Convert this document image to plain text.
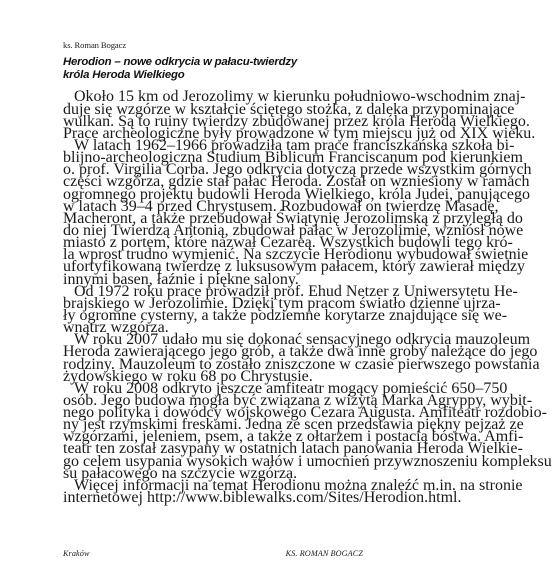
ks. Roman Bogacz
Herodion – nowe odkrycia w pałacu-twierdzy
króla Heroda Wielkiego
Około 15 km od Jerozolimy w kierunku południowo-wschodnim znaj-
duje się wzgórze w kształcie ściętego stożka, z daleka przypominające
wulkan. Są to ruiny twierdzy zbudowanej przez króla Heroda Wielkiego.
Prace archeologiczne były prowadzone w tym miejscu już od XIX wieku.
W latach 1962–1966 prowadziła tam prace franciszkańska szkoła bi-
blijno-archeologiczna Studium Biblicum Franciscanum pod kierunkiem
o. prof. Virgilia Corba. Jego odkrycia dotyczą przede wszystkim górnych
części wzgórza, gdzie stał pałac Heroda. Został on wzniesiony w ramach
ogromnego projektu budowli Heroda Wielkiego, króla Judei, panującego
w latach 39–4 przed Chrystusem. Rozbudował on twierdzę Masadę,
Macheront, a także przebudował Świątynię Jerozolimską z przyległą do
do niej Twierdzą Antonią, zbudował pałac w Jerozolimie, wzniósł nowe
miasto z portem, które nazwał Cezareą. Wszystkich budowli tego kró-
la wprost trudno wymienić. Na szczycie Herodionu wybudował świetnie
ufortyfikowaną twierdzę z luksusowym pałacem, który zawierał między
innymi basen, łaźnie i piękne salony.
Od 1972 roku prace prowadził prof. Ehud Netzer z Uniwersytetu He-
brajskiego w Jerozolimie. Dzięki tym pracom światło dzienne ujrza-
ły ogromne cysterny, a także podziemne korytarze znajdujące się we-
wnątrz wzgórza.
W roku 2007 udało mu się dokonać sensacyjnego odkrycia mauzoleum
Heroda zawierającego jego grób, a także dwa inne groby należące do jego
rodziny. Mauzoleum to zostało zniszczone w czasie pierwszego powstania
żydowskiego w roku 68 po Chrystusie.
W roku 2008 odkryto jeszcze amfiteatr mogący pomieścić 650–750
osób. Jego budowa mogła być związana z wizytą Marka Agryppy, wybit-
nego polityka i dowódcy wojskowego Cezara Augusta. Amfiteatr rozdobio-
ny jest rzymskimi freskami. Jedna ze scen przedstawia piękny pejzaż ze
wzgórzami, jeleniem, psem, a także z ołtarzem i postacią bóstwa. Amfi-
teatr ten został zasypany w ostatnich latach panowania Heroda Wielkie-
go celem usypania wysokich wałów i umocnień przywznoszeniu kompleksu
su pałacowego na szczycie wzgórza.
Więcej informacji na temat Herodionu można znaleźć m.in. na stronie
internetowej http://www.biblewalks.com/Sites/Herodion.html.
Kraków	KS. ROMAN BOGACZ
